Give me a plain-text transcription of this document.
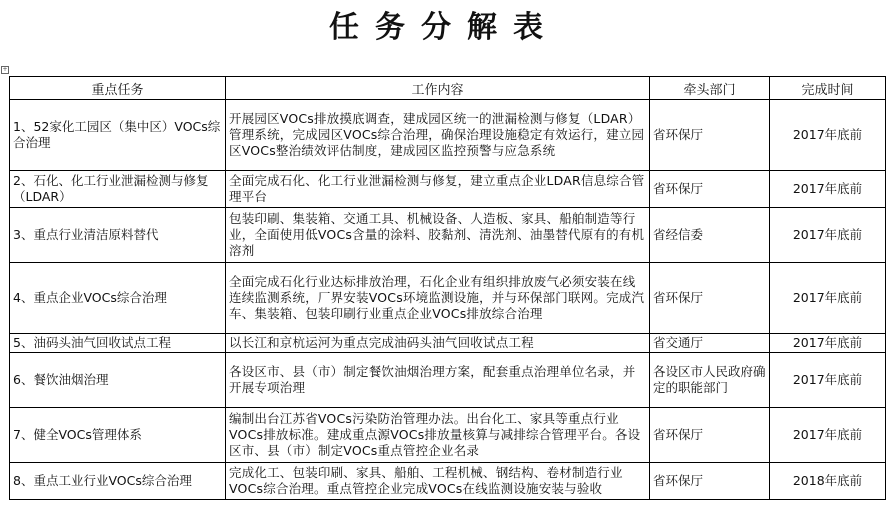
任务分解表
+
重点任务	工作内容	牵头部门	完成时间
1、52家化工园区（集中区）VOCs综合治理	开展园区VOCs排放摸底调查，建成园区统一的泄漏检测与修复（LDAR）管理系统，完成园区VOCs综合治理，确保治理设施稳定有效运行，建立园区VOCs整治绩效评估制度，建成园区监控预警与应急系统	省环保厅	2017年底前
2、石化、化工行业泄漏检测与修复（LDAR）	全面完成石化、化工行业泄漏检测与修复，建立重点企业LDAR信息综合管理平台	省环保厅	2017年底前
3、重点行业清洁原料替代	包装印刷、集装箱、交通工具、机械设备、人造板、家具、船舶制造等行业，全面使用低VOCs含量的涂料、胶黏剂、清洗剂、油墨替代原有的有机溶剂	省经信委	2017年底前
4、重点企业VOCs综合治理	全面完成石化行业达标排放治理，石化企业有组织排放废气必须安装在线连续监测系统，厂界安装VOCs环境监测设施，并与环保部门联网。完成汽车、集装箱、包装印刷行业重点企业VOCs排放综合治理	省环保厅	2017年底前
5、油码头油气回收试点工程	以长江和京杭运河为重点完成油码头油气回收试点工程	省交通厅	2017年底前
6、餐饮油烟治理	各设区市、县（市）制定餐饮油烟治理方案，配套重点治理单位名录，并开展专项治理	各设区市人民政府确定的职能部门	2017年底前
7、健全VOCs管理体系	编制出台江苏省VOCs污染防治管理办法。出台化工、家具等重点行业VOCs排放标准。建成重点源VOCs排放量核算与减排综合管理平台。各设区市、县（市）制定VOCs重点管控企业名录	省环保厅	2017年底前
8、重点工业行业VOCs综合治理	完成化工、包装印刷、家具、船舶、工程机械、钢结构、卷材制造行业VOCs综合治理。重点管控企业完成VOCs在线监测设施安装与验收	省环保厅	2018年底前
